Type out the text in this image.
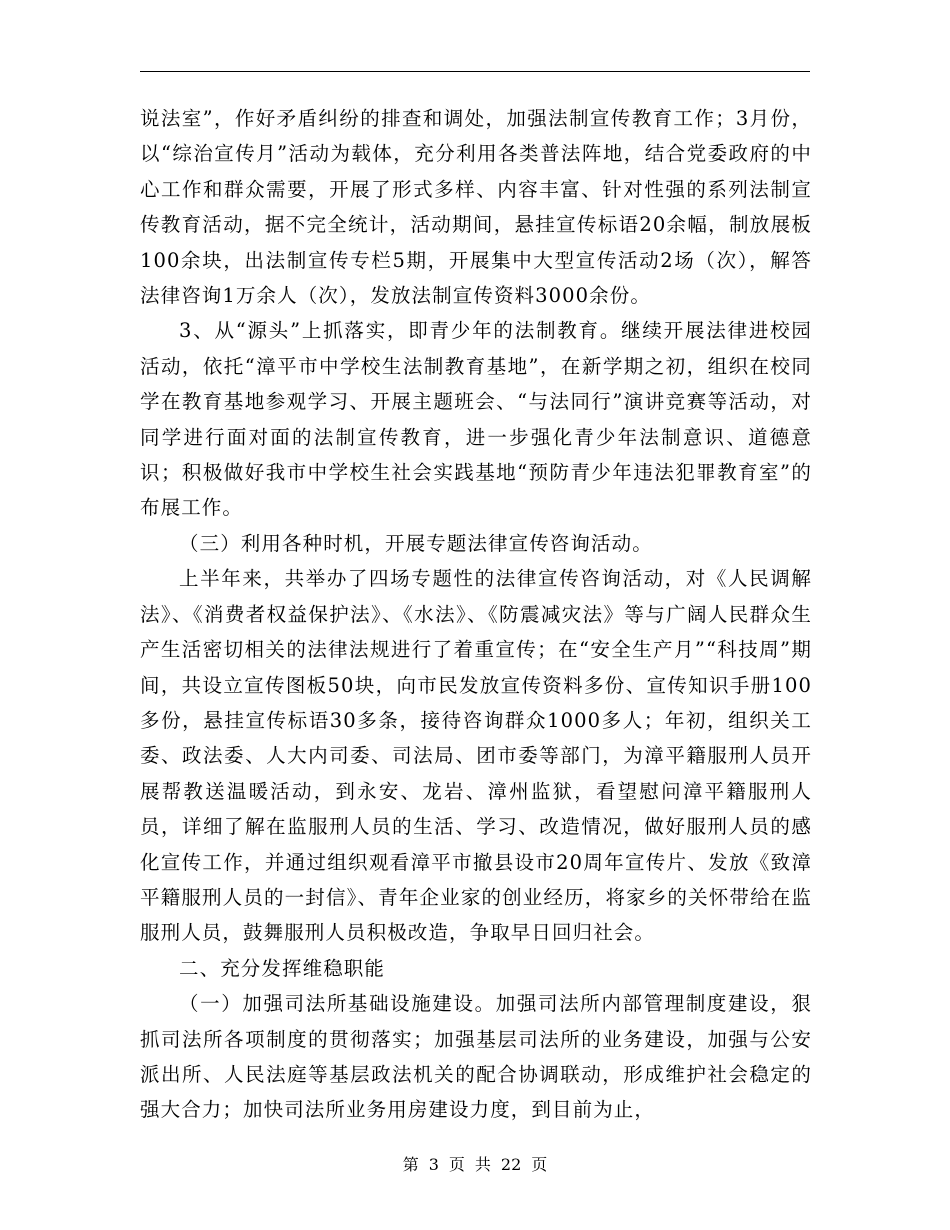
说法室”，作好矛盾纠纷的排查和调处，加强法制宣传教育工作；3月份，以“综治宣传月”活动为载体，充分利用各类普法阵地，结合党委政府的中心工作和群众需要，开展了形式多样、内容丰富、针对性强的系列法制宣传教育活动，据不完全统计，活动期间，悬挂宣传标语20余幅，制放展板100余块，出法制宣传专栏5期，开展集中大型宣传活动2场（次），解答法律咨询1万余人（次），发放法制宣传资料3000余份。

3、从“源头”上抓落实，即青少年的法制教育。继续开展法律进校园活动，依托“漳平市中学校生法制教育基地”，在新学期之初，组织在校同学在教育基地参观学习、开展主题班会、“与法同行”演讲竞赛等活动，对同学进行面对面的法制宣传教育，进一步强化青少年法制意识、道德意识；积极做好我市中学校生社会实践基地“预防青少年违法犯罪教育室”的布展工作。

（三）利用各种时机，开展专题法律宣传咨询活动。

上半年来，共举办了四场专题性的法律宣传咨询活动，对《人民调解法》、《消费者权益保护法》、《水法》、《防震减灾法》等与广阔人民群众生产生活密切相关的法律法规进行了着重宣传；在“安全生产月”“科技周”期间，共设立宣传图板50块，向市民发放宣传资料多份、宣传知识手册100多份，悬挂宣传标语30多条，接待咨询群众1000多人；年初，组织关工委、政法委、人大内司委、司法局、团市委等部门，为漳平籍服刑人员开展帮教送温暖活动，到永安、龙岩、漳州监狱，看望慰问漳平籍服刑人员，详细了解在监服刑人员的生活、学习、改造情况，做好服刑人员的感化宣传工作，并通过组织观看漳平市撤县设市20周年宣传片、发放《致漳平籍服刑人员的一封信》、青年企业家的创业经历，将家乡的关怀带给在监服刑人员，鼓舞服刑人员积极改造，争取早日回归社会。

二、充分发挥维稳职能

（一）加强司法所基础设施建设。加强司法所内部管理制度建设，狠抓司法所各项制度的贯彻落实；加强基层司法所的业务建设，加强与公安派出所、人民法庭等基层政法机关的配合协调联动，形成维护社会稳定的强大合力；加快司法所业务用房建设力度，到目前为止，

第 3 页 共 22 页
